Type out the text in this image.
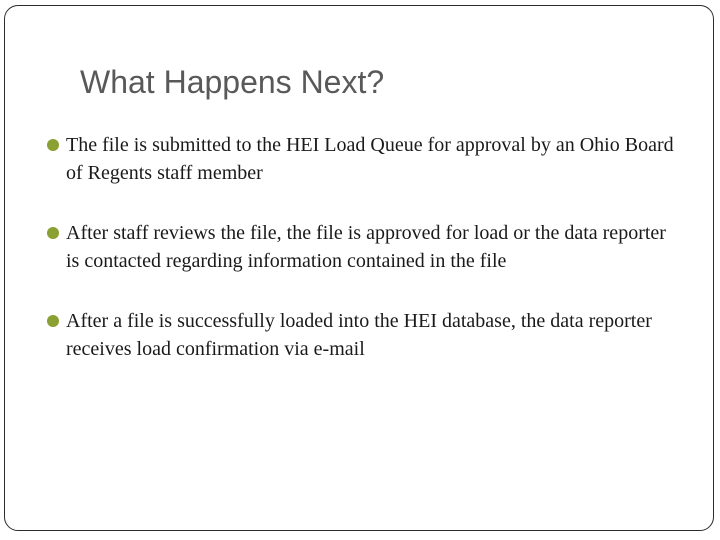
What Happens Next?
The file is submitted to the HEI Load Queue for approval by an Ohio Board of Regents staff member
After staff reviews the file, the file is approved for load or the data reporter is contacted regarding information contained in the file
After a file is successfully loaded into the HEI database, the data reporter receives load confirmation via e-mail
